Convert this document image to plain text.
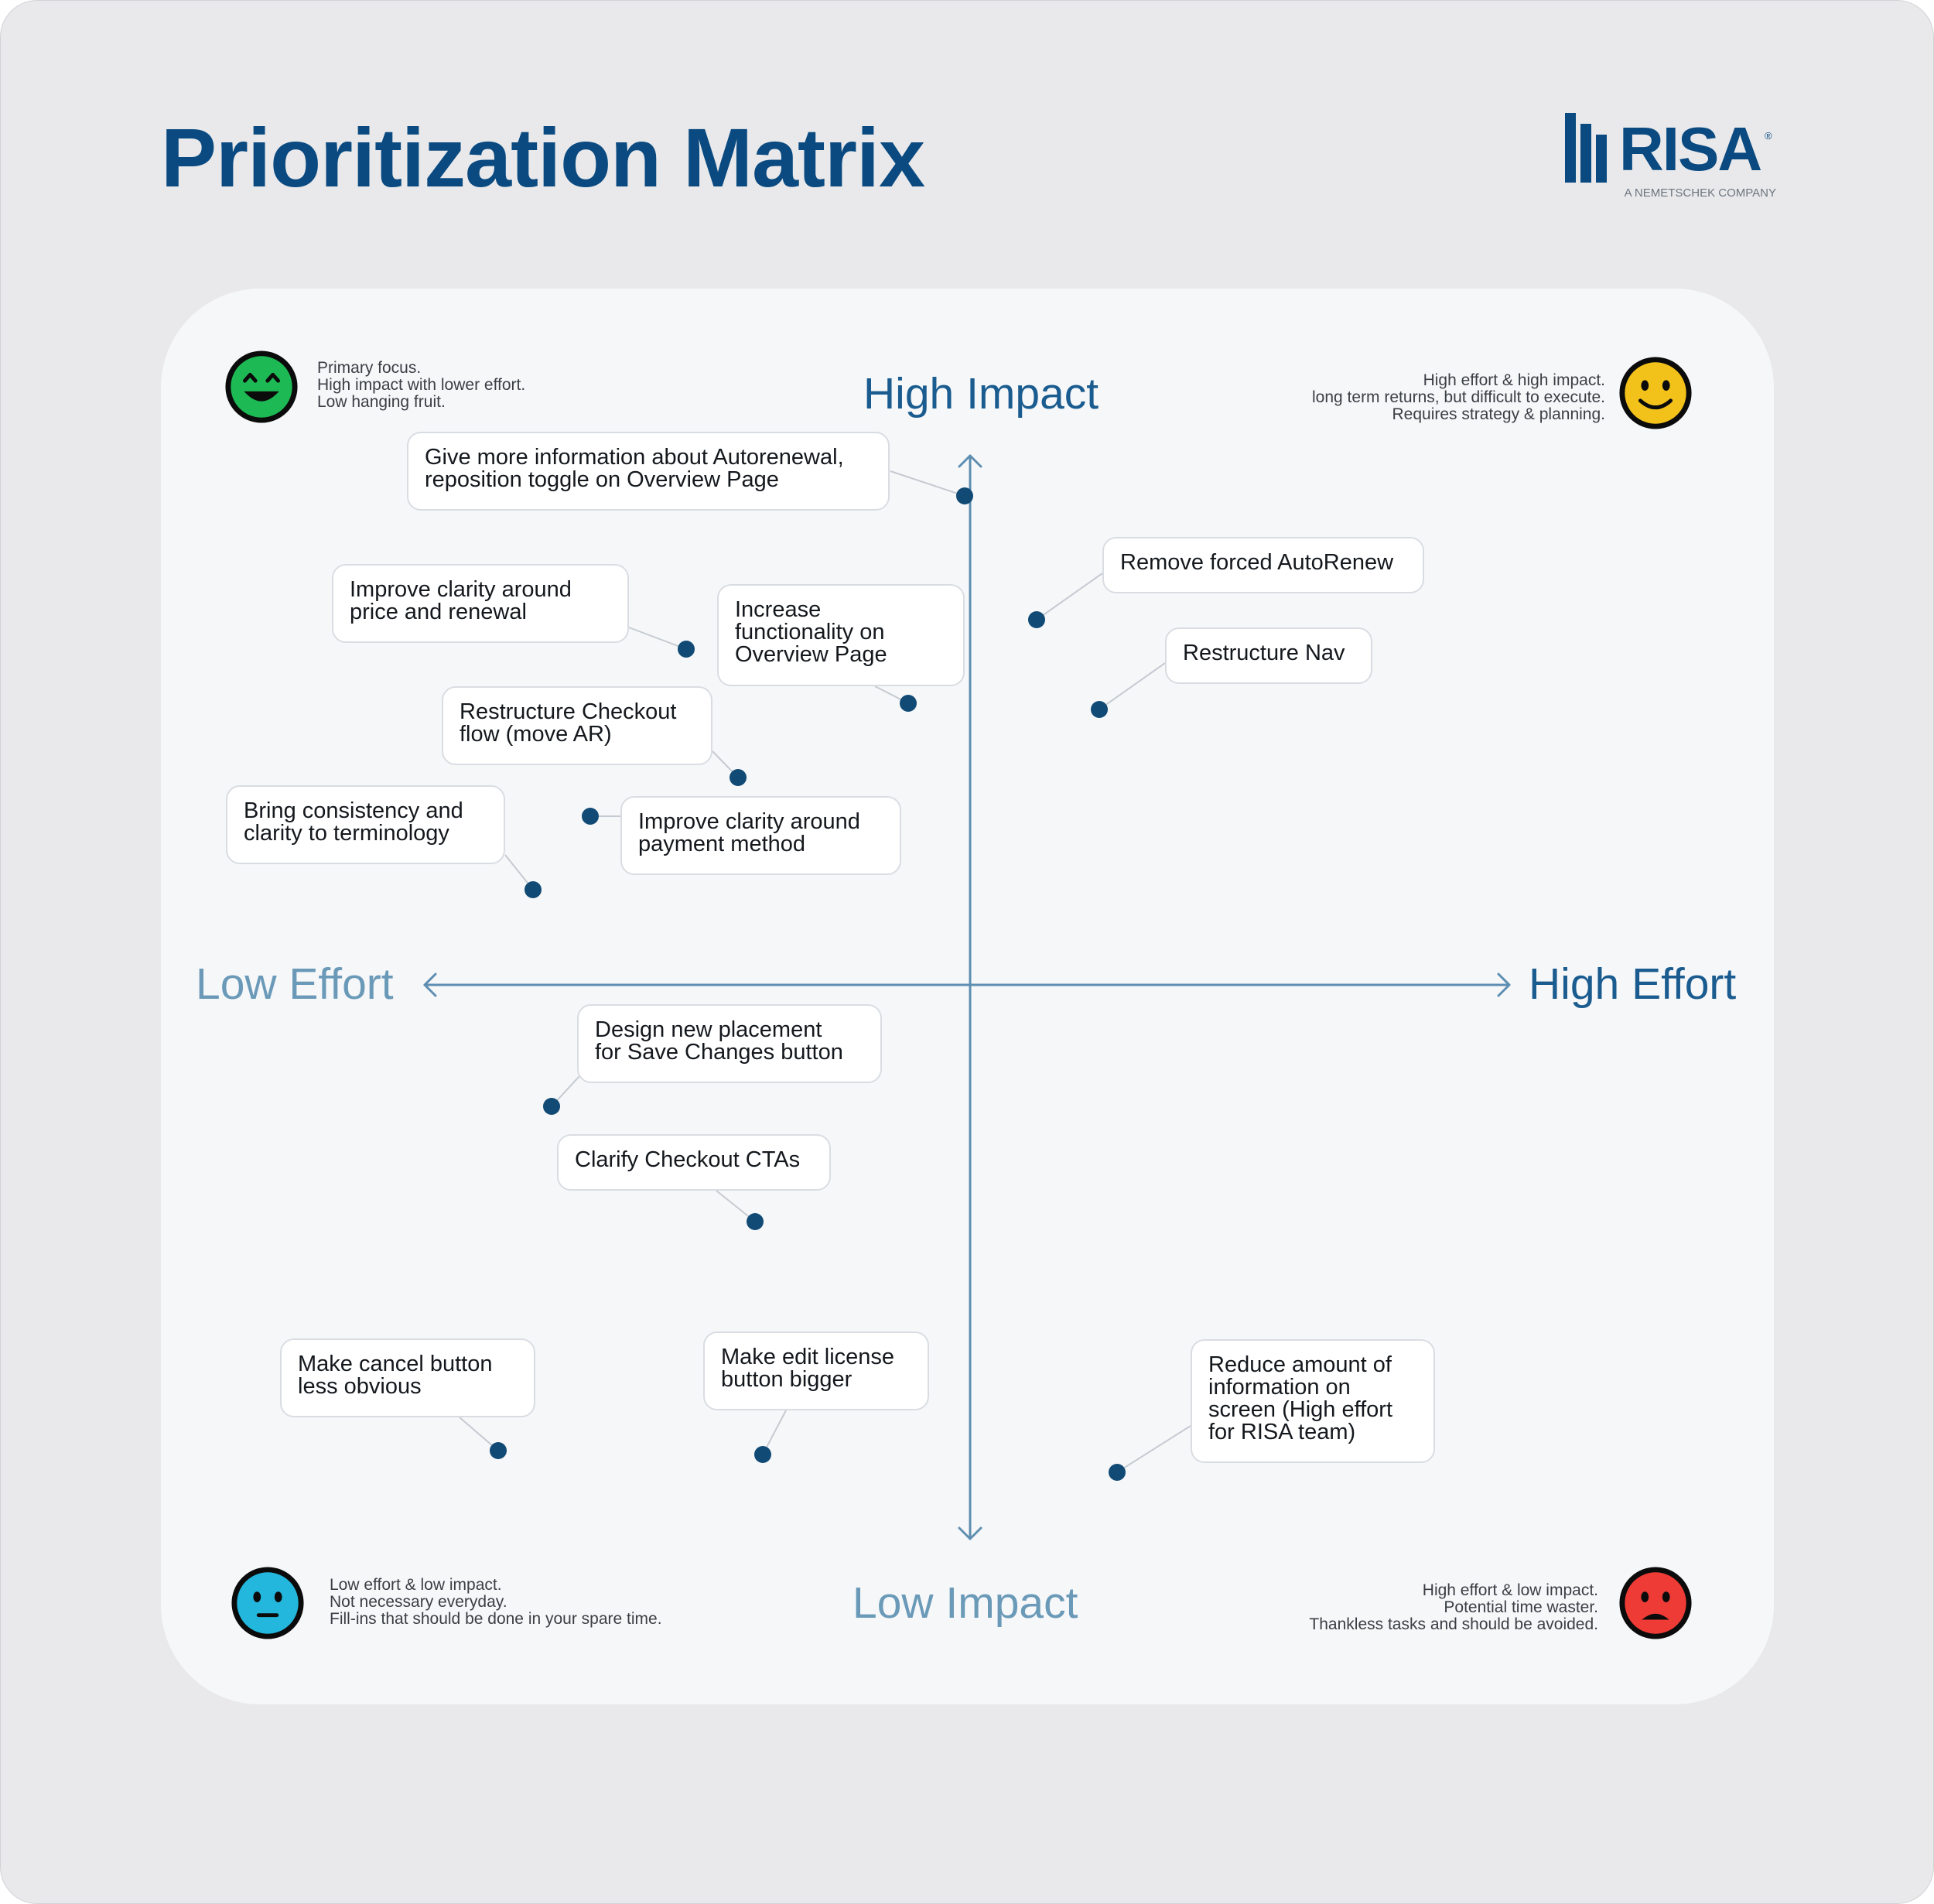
Prioritization Matrix	RISA ®
A NEMETSCHEK COMPANY
High Impact
Low Impact
Low Effort	High Effort
Primary focus.
High impact with lower effort.
Low hanging fruit.
High effort & high impact.
long term returns, but difficult to execute.
Requires strategy & planning.
Low effort & low impact.
Not necessary everyday.
Fill-ins that should be done in your spare time.
High effort & low impact.
Potential time waster.
Thankless tasks and should be avoided.
Give more information about Autorenewal,
reposition toggle on Overview Page
Remove forced AutoRenew
Improve clarity around
price and renewal	Increase
functionality on
Overview Page	Restructure Nav
Restructure Checkout
flow (move AR)
Bring consistency and
clarity to terminology	Improve clarity around
payment method
Design new placement
for Save Changes button
Clarify Checkout CTAs
Make cancel button
less obvious
Make edit license
button bigger
Reduce amount of
information on
screen (High effort
for RISA team)
